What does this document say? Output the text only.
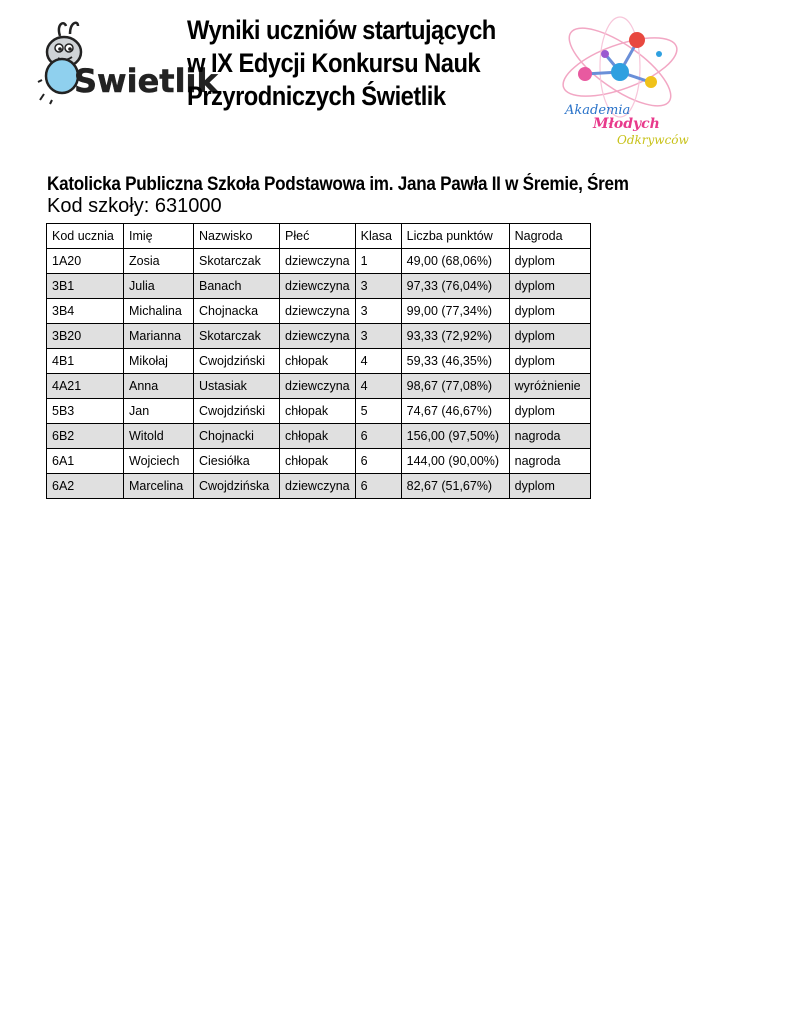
Swietlik
Wyniki uczniów startujących
w IX Edycji Konkursu Nauk
Przyrodniczych Świetlik	Akademia
Młodych
Odkrywców
Katolicka Publiczna Szkoła Podstawowa im. Jana Pawła II w Śremie, Śrem
Kod szkoły: 631000
Kod ucznia	Imię	Nazwisko	Płeć	Klasa	Liczba punktów	Nagroda
1A20	Zosia	Skotarczak	dziewczyna	1	49,00 (68,06%)	dyplom
3B1	Julia	Banach	dziewczyna	3	97,33 (76,04%)	dyplom
3B4	Michalina	Chojnacka	dziewczyna	3	99,00 (77,34%)	dyplom
3B20	Marianna	Skotarczak	dziewczyna	3	93,33 (72,92%)	dyplom
4B1	Mikołaj	Cwojdziński	chłopak	4	59,33 (46,35%)	dyplom
4A21	Anna	Ustasiak	dziewczyna	4	98,67 (77,08%)	wyróżnienie
5B3	Jan	Cwojdziński	chłopak	5	74,67 (46,67%)	dyplom
6B2	Witold	Chojnacki	chłopak	6	156,00 (97,50%)	nagroda
6A1	Wojciech	Ciesiółka	chłopak	6	144,00 (90,00%)	nagroda
6A2	Marcelina	Cwojdzińska	dziewczyna	6	82,67 (51,67%)	dyplom
